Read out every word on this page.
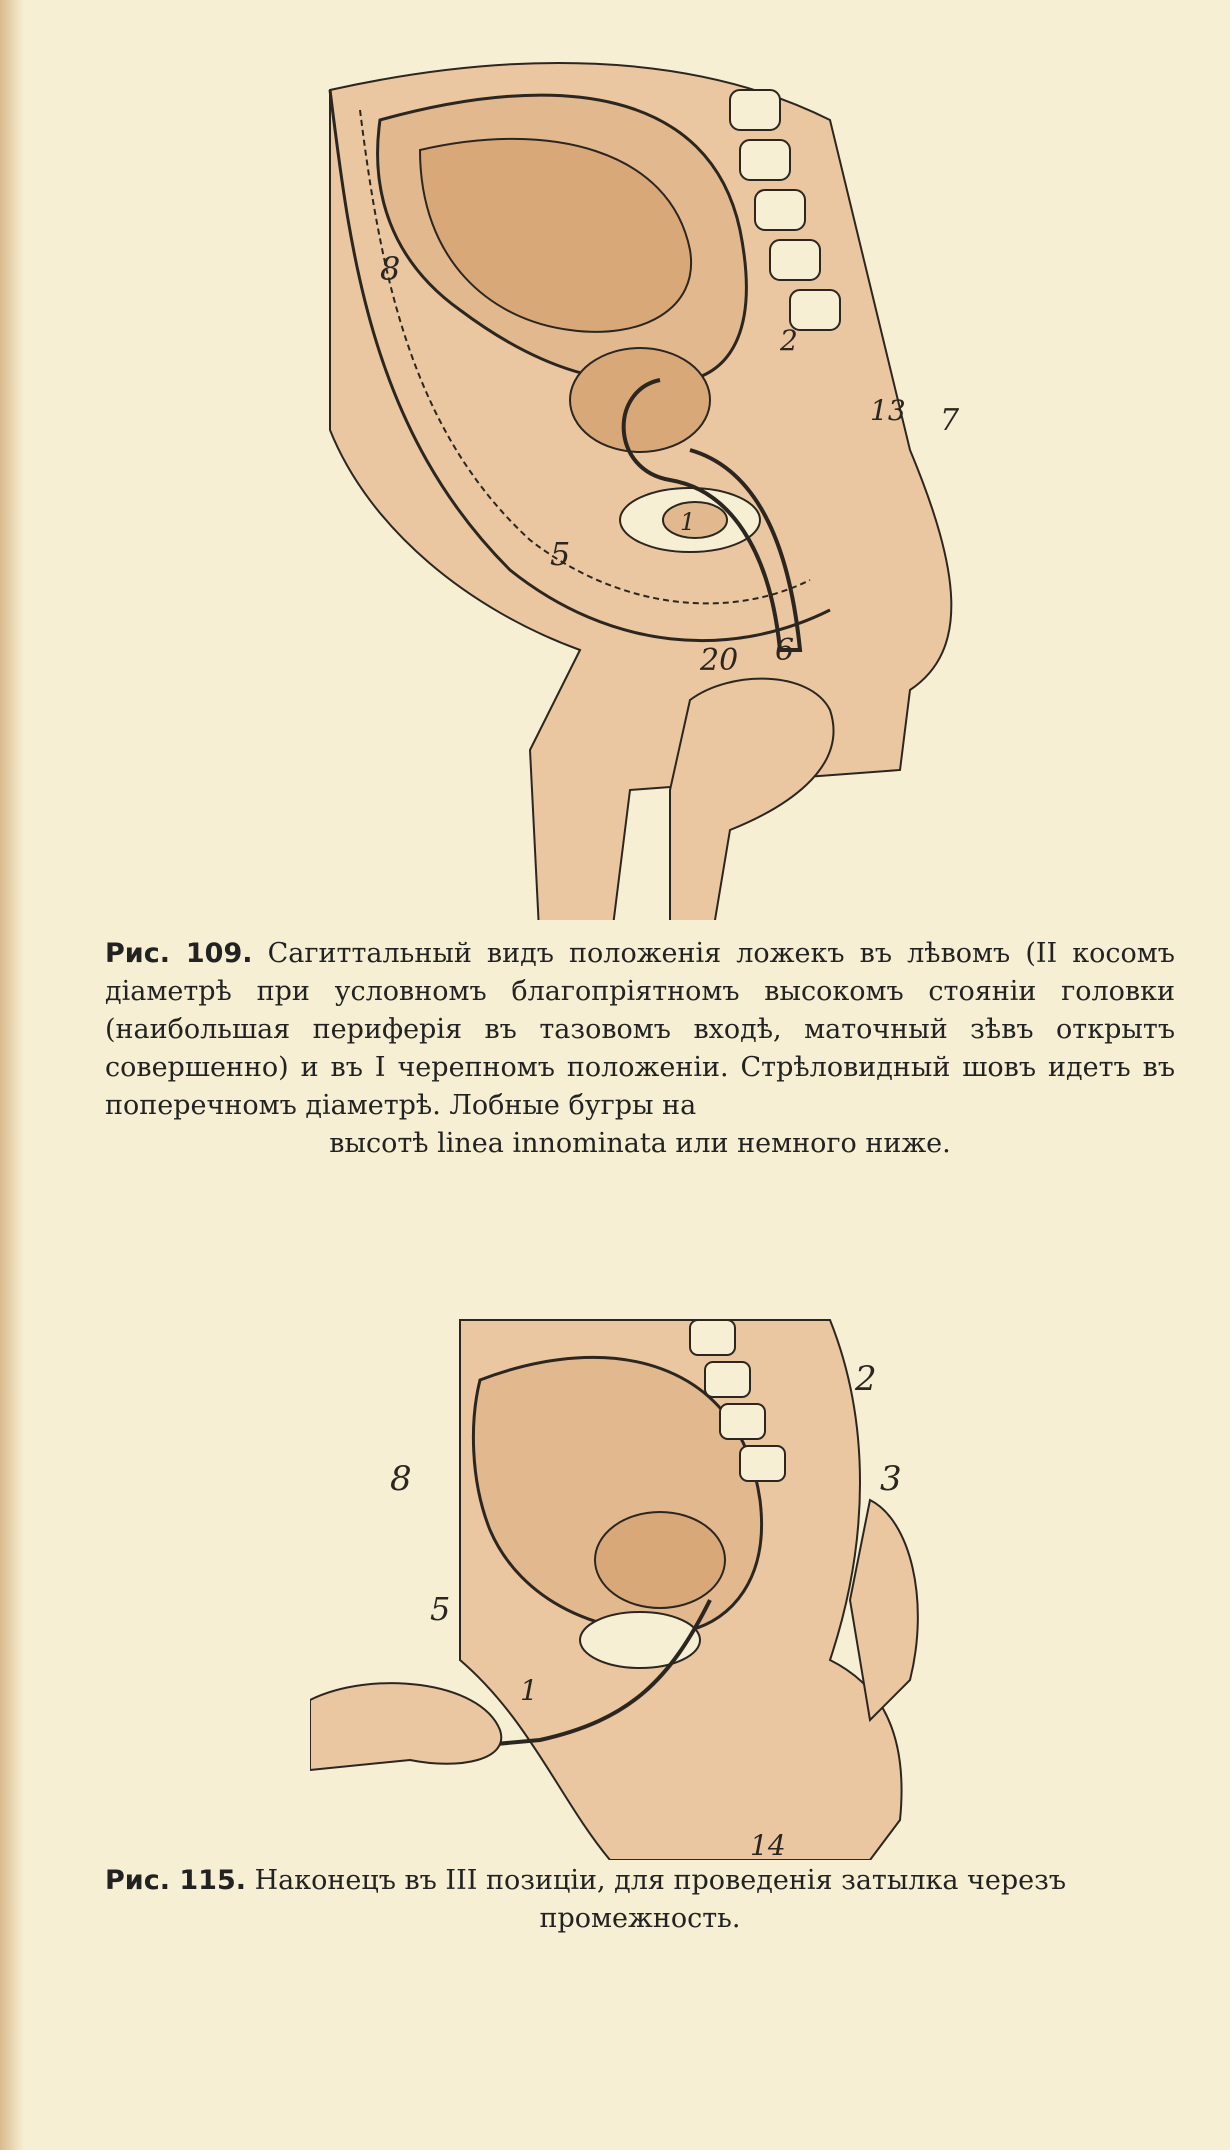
8
2
13 7
1
5
20 6
Рис. 109. Сагиттальный видъ положенія ложекъ въ лѣвомъ (II косомъ діаметрѣ при условномъ благопріятномъ высокомъ стояніи головки (наибольшая периферія въ тазовомъ входѣ, маточный зѣвъ открытъ совершенно) и въ I черепномъ положеніи. Стрѣловидный шовъ идетъ въ поперечномъ діаметрѣ. Лобные бугры на
высотѣ linea innominata или немного ниже.
2
8	3
5
1
14
Рис. 115. Наконецъ въ III позиціи, для проведенія затылка черезъ
промежность.
